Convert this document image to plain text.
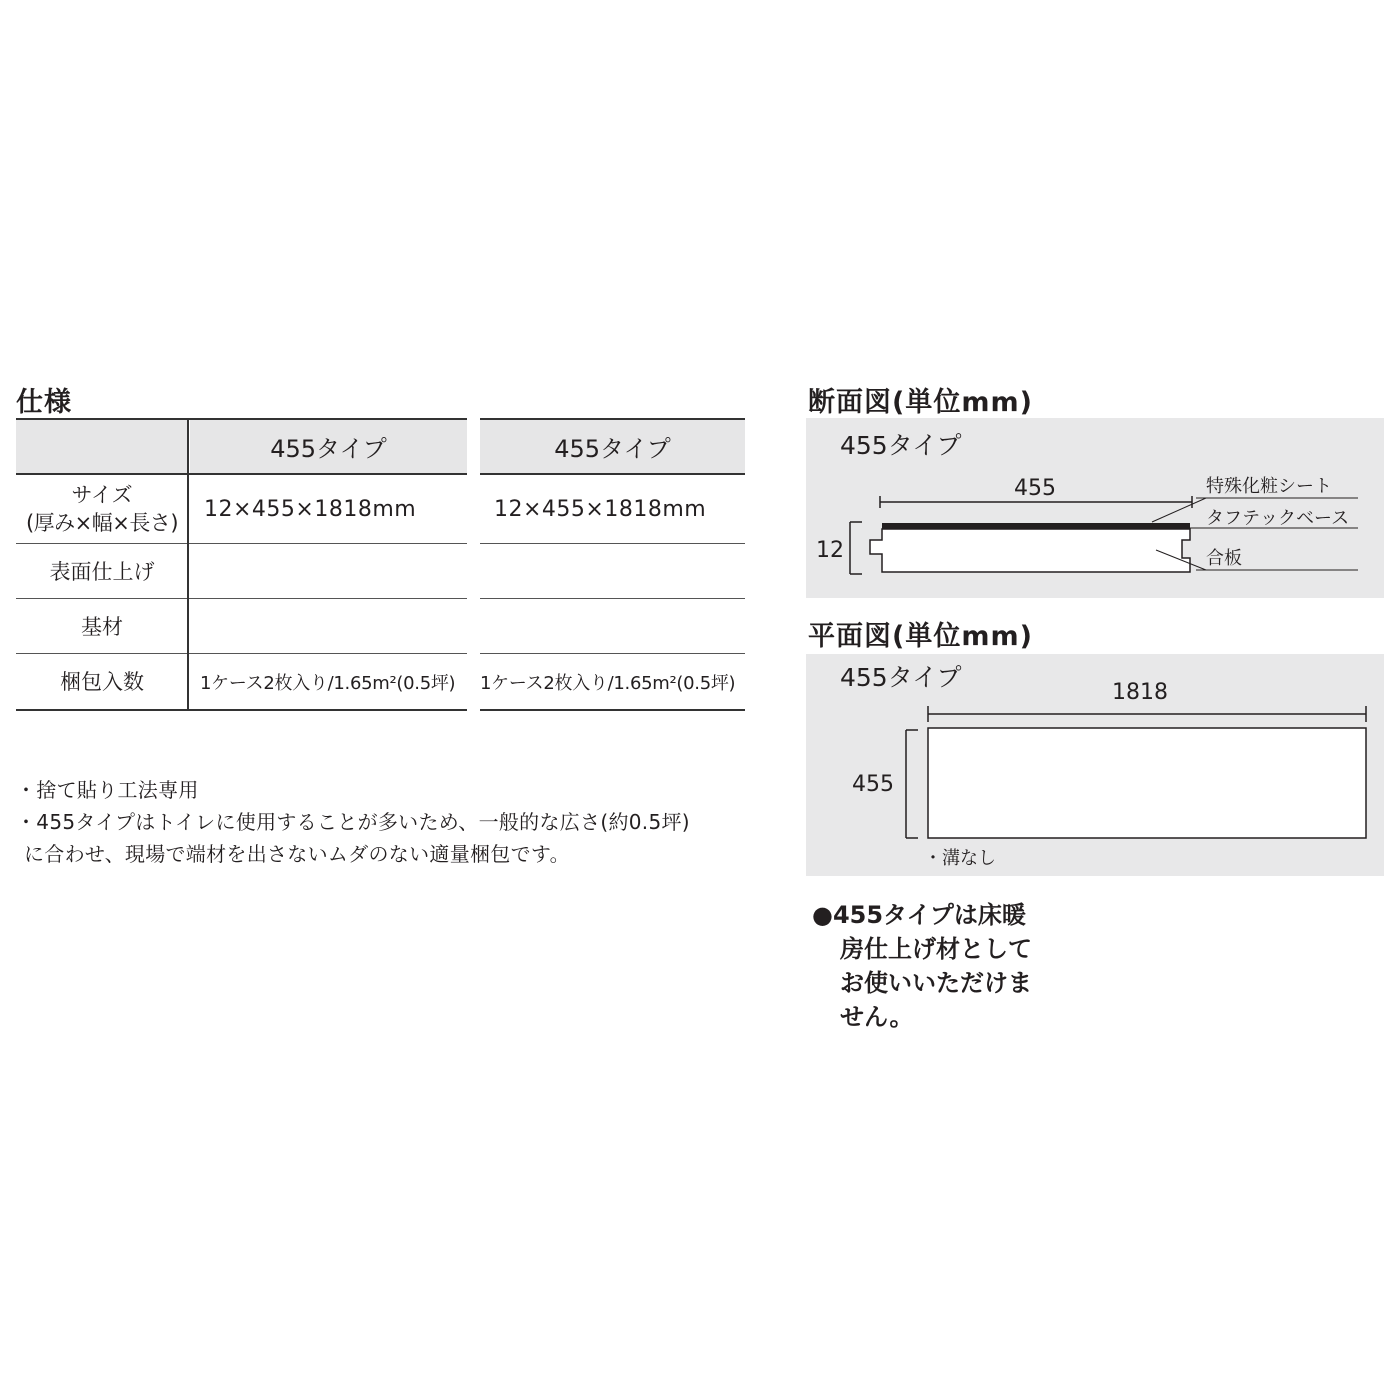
仕様
455タイプ	455タイプ
サイズ
(厚み×幅×長さ)
12×455×1818mm	12×455×1818mm
表面仕上げ
基材
梱包入数	1ケース2枚入り/1.65m²(0.5坪)	1ケース2枚入り/1.65m²(0.5坪)
・捨て貼り工法専用
・455タイプはトイレに使用することが多いため、一般的な広さ(約0.5坪)
に合わせ、現場で端材を出さないムダのない適量梱包です。
断面図(単位mm)
455タイプ
455
12
特殊化粧シート
タフテックベース
合板
平面図(単位mm)
455タイプ
1818
455
・溝なし
●455タイプは床暖
房仕上げ材として
お使いいただけま
せん。
